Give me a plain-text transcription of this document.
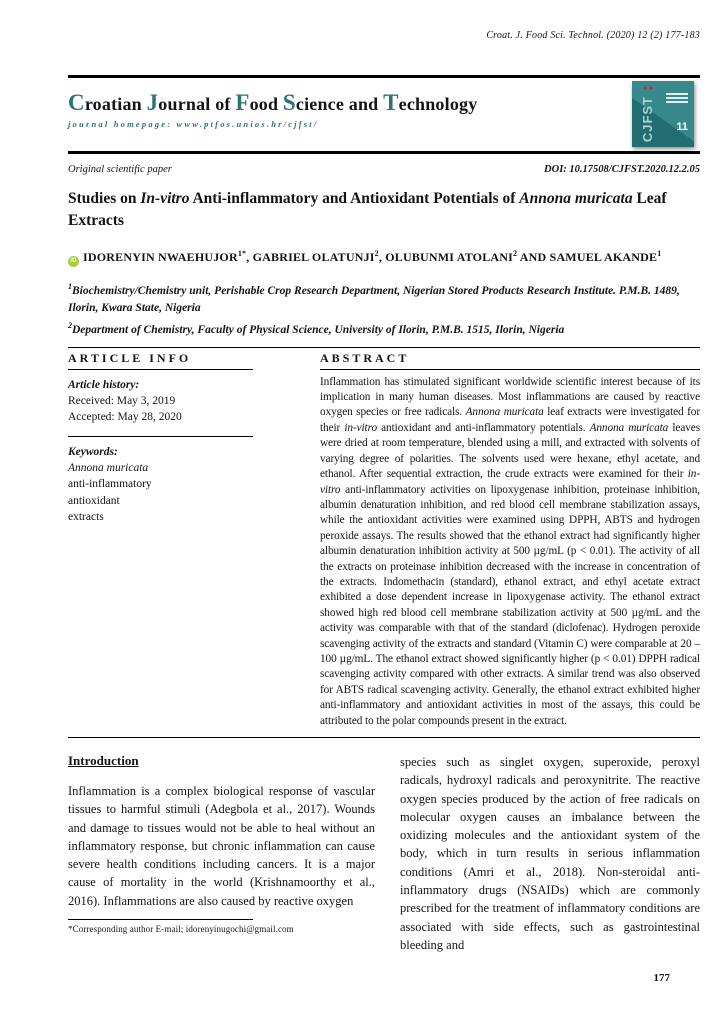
Croat. J. Food Sci. Technol. (2020) 12 (2) 177-183
Croatian Journal of Food Science and Technology
journal homepage: www.ptfos.unios.hr/cjfst/
● ●
CJFST 11
Original scientific paper	DOI: 10.17508/CJFST.2020.12.2.05
Studies on In-vitro Anti-inflammatory and Antioxidant Potentials of Annona muricata Leaf Extracts
iD IDORENYIN $NWAEHUJOR^{1*}$, GABRIEL OLATUNJI$^2$, OLUBUNMI ATOLANI$^2$ AND SAMUEL AKANDE$^1$
$^1$Biochemistry/Chemistry unit, Perishable Crop Research Department, Nigerian Stored Products Research Institute. P.M.B. 1489, Ilorin, Kwara State, Nigeria
$^2$Department of Chemistry, Faculty of Physical Science, University of Ilorin, P.M.B. 1515, Ilorin, Nigeria
ARTICLE INFO
Article history:
Received: May 3, 2019
Accepted: May 28, 2020
Keywords:
Annona muricata
anti-inflammatory
antioxidant
extracts
ABSTRACT
Inflammation has stimulated significant worldwide scientific interest because of its implication in many human diseases. Most inflammations are caused by reactive oxygen species or free radicals. Annona muricata leaf extracts were investigated for their in-vitro antioxidant and anti-inflammatory potentials. Annona muricata leaves were dried at room temperature, blended using a mill, and extracted with solvents of varying degree of polarities. The solvents used were hexane, ethyl acetate, and ethanol. After sequential extraction, the crude extracts were examined for their in-vitro anti-inflammatory activities on lipoxygenase inhibition, proteinase inhibition, albumin denaturation inhibition, and red blood cell membrane stabilization assays, while the antioxidant activities were examined using DPPH, ABTS and hydrogen peroxide assays. The results showed that the ethanol extract had significantly higher albumin denaturation inhibition activity at 500 µg/mL (p < 0.01). The activity of all the extracts on proteinase inhibition decreased with the increase in concentration of the extracts. Indomethacin (standard), ethanol extract, and ethyl acetate extract exhibited a dose dependent increase in lipoxygenase activity. The ethanol extract showed high red blood cell membrane stabilization activity at 500 µg/mL and the activity was comparable with that of the standard (diclofenac). Hydrogen peroxide scavenging activity of the extracts and standard (Vitamin C) were comparable at 20 – 100 µg/mL. The ethanol extract showed significantly higher (p < 0.01) DPPH radical scavenging activity compared with other extracts. A similar trend was also observed for ABTS radical scavenging activity. Generally, the ethanol extract exhibited higher anti-inflammatory and antioxidant activities in most of the assays, this could be attributed to the polar compounds present in the extract.
Introduction

Inflammation is a complex biological response of vascular tissues to harmful stimuli (Adegbola et al., 2017). Wounds and damage to tissues would not be able to heal without an inflammatory response, but chronic inflammation can cause severe health conditions including cancers. It is a major cause of mortality in the world (Krishnamoorthy et al., 2016). Inflammations are also caused by reactive oxygen

*Corresponding author E-mail; idorenyinugochi@gmail.com

species such as singlet oxygen, superoxide, peroxyl radicals, hydroxyl radicals and peroxynitrite. The reactive oxygen species produced by the action of free radicals on molecular oxygen causes an imbalance between the oxidizing molecules and the antioxidant system of the body, which in turn results in serious inflammation conditions (Amri et al., 2018). Non-steroidal anti-inflammatory drugs (NSAIDs) which are commonly prescribed for the treatment of inflammatory conditions are associated with side effects, such as gastrointestinal bleeding and

177
